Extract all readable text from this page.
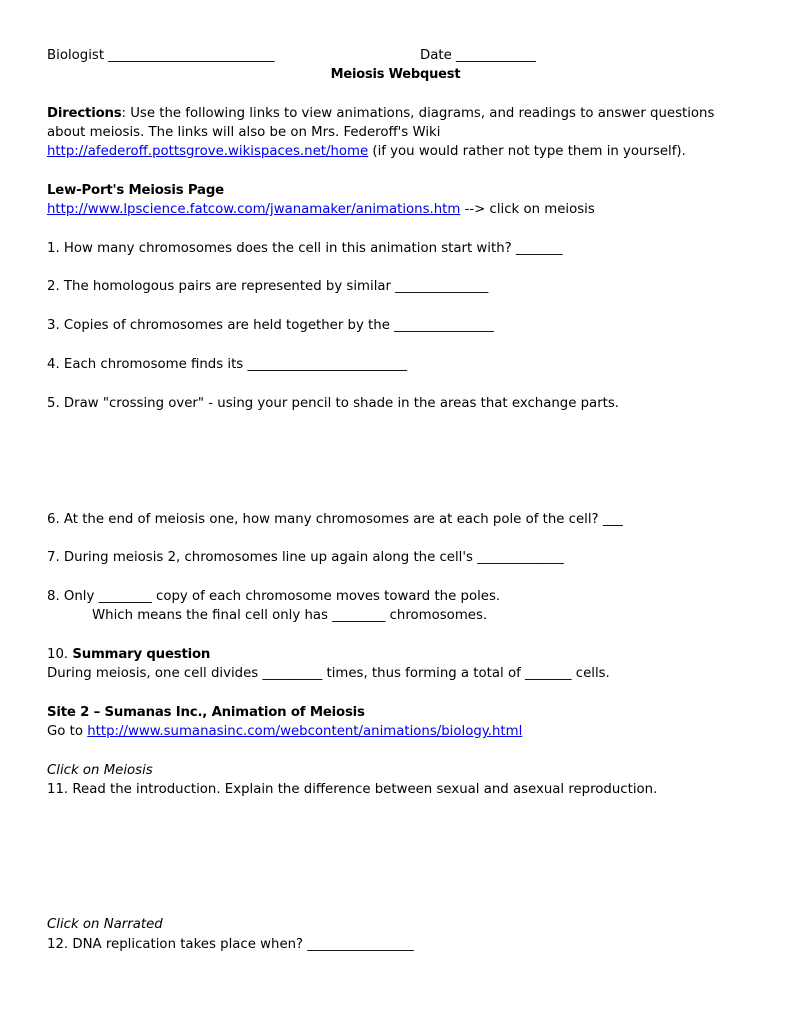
Biologist _________________________	Date ____________
Meiosis Webquest
Directions: Use the following links to view animations, diagrams, and readings to answer questions
about meiosis. The links will also be on Mrs. Federoff's Wiki
http://afederoff.pottsgrove.wikispaces.net/home (if you would rather not type them in yourself).
Lew-Port's Meiosis Page
http://www.lpscience.fatcow.com/jwanamaker/animations.htm --> click on meiosis
1. How many chromosomes does the cell in this animation start with? _______
2. The homologous pairs are represented by similar ______________
3. Copies of chromosomes are held together by the _______________
4. Each chromosome finds its ________________________
5. Draw "crossing over" - using your pencil to shade in the areas that exchange parts.
6. At the end of meiosis one, how many chromosomes are at each pole of the cell? ___
7. During meiosis 2, chromosomes line up again along the cell's _____________
8. Only ________ copy of each chromosome moves toward the poles.
Which means the final cell only has ________ chromosomes.
10. Summary question
During meiosis, one cell divides _________ times, thus forming a total of _______ cells.
Site 2 – Sumanas Inc., Animation of Meiosis
Go to http://www.sumanasinc.com/webcontent/animations/biology.html
Click on Meiosis
11. Read the introduction. Explain the difference between sexual and asexual reproduction.
Click on Narrated
12. DNA replication takes place when? ________________
